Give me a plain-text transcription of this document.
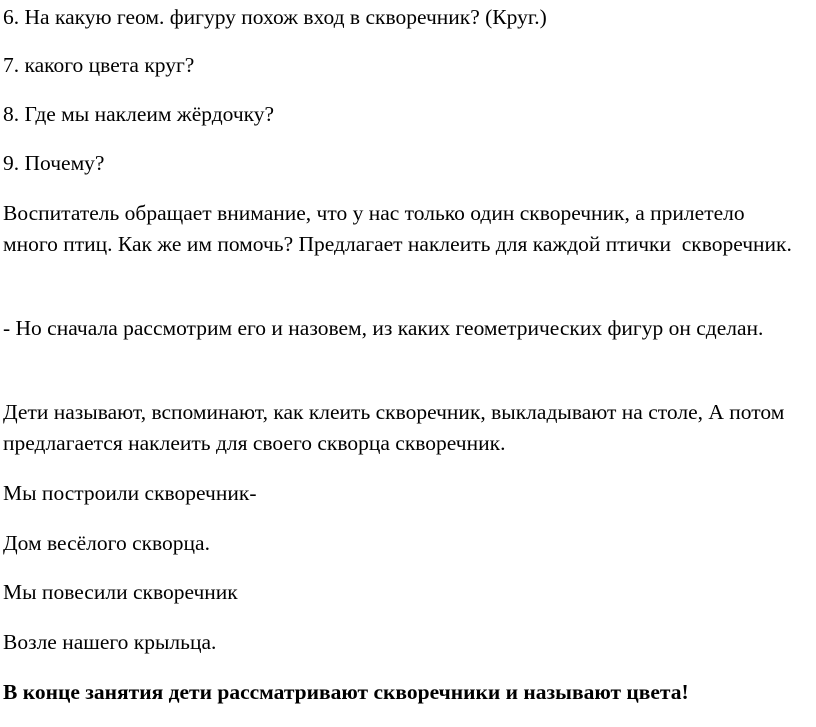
6. На какую геом. фигуру похож вход в скворечник? (Круг.)

7. какого цвета круг?

8. Где мы наклеим жёрдочку?

9. Почему?

Воспитатель обращает внимание, что у нас только один скворечник, а прилетело много птиц. Как же им помочь? Предлагает наклеить для каждой птички  скворечник.

- Но сначала рассмотрим его и назовем, из каких геометрических фигур он сделан.

Дети называют, вспоминают, как клеить скворечник, выкладывают на столе, А потом предлагается наклеить для своего скворца скворечник.

Мы построили скворечник-

Дом весёлого скворца.

Мы повесили скворечник

Возле нашего крыльца.

В конце занятия дети рассматривают скворечники и называют цвета!
